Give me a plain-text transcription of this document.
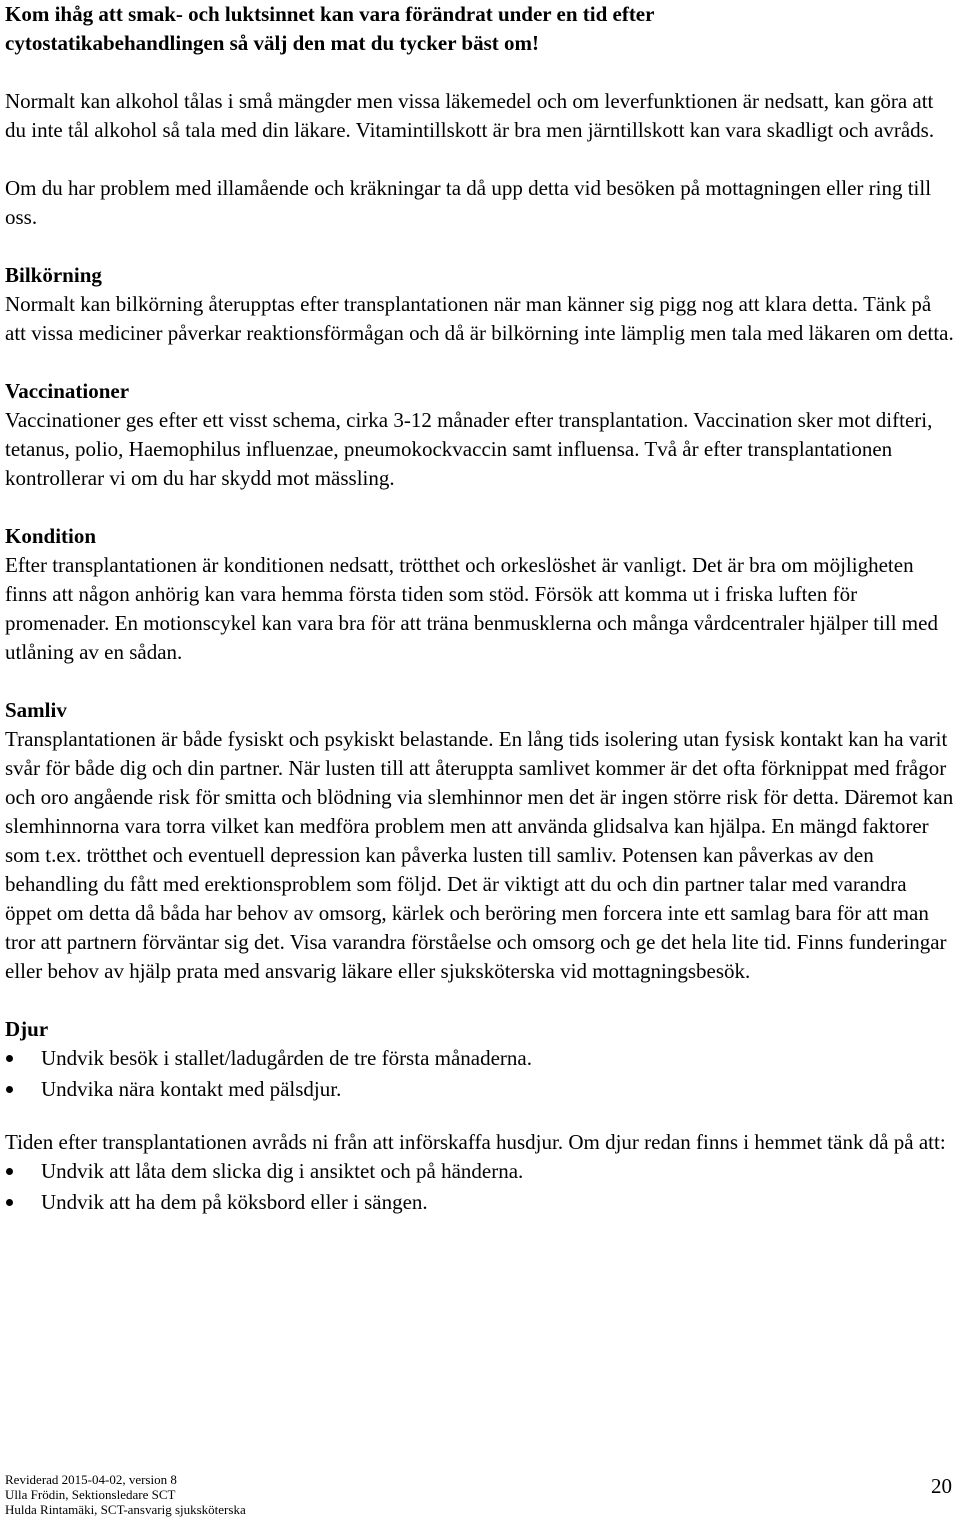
Kom ihåg att smak- och luktsinnet kan vara förändrat under en tid efter
cytostatikabehandlingen så välj den mat du tycker bäst om!

Normalt kan alkohol tålas i små mängder men vissa läkemedel och om leverfunktionen är nedsatt, kan göra att du inte tål alkohol så tala med din läkare. Vitamintillskott är bra men järntillskott kan vara skadligt och avråds.

Om du har problem med illamående och kräkningar ta då upp detta vid besöken på mottagningen eller ring till oss.

Bilkörning

Normalt kan bilkörning återupptas efter transplantationen när man känner sig pigg nog att klara detta. Tänk på att vissa mediciner påverkar reaktionsförmågan och då är bilkörning inte lämplig men tala med läkaren om detta.

Vaccinationer

Vaccinationer ges efter ett visst schema, cirka 3-12 månader efter transplantation. Vaccination sker mot difteri, tetanus, polio, Haemophilus influenzae, pneumokockvaccin samt influensa. Två år efter transplantationen kontrollerar vi om du har skydd mot mässling.

Kondition

Efter transplantationen är konditionen nedsatt, trötthet och orkeslöshet är vanligt. Det är bra om möjligheten finns att någon anhörig kan vara hemma första tiden som stöd. Försök att komma ut i friska luften för promenader. En motionscykel kan vara bra för att träna benmusklerna och många vårdcentraler hjälper till med utlåning av en sådan.

Samliv

Transplantationen är både fysiskt och psykiskt belastande. En lång tids isolering utan fysisk kontakt kan ha varit svår för både dig och din partner. När lusten till att återuppta samlivet kommer är det ofta förknippat med frågor och oro angående risk för smitta och blödning via slemhinnor men det är ingen större risk för detta. Däremot kan slemhinnorna vara torra vilket kan medföra problem men att använda glidsalva kan hjälpa. En mängd faktorer som t.ex. trötthet och eventuell depression kan påverka lusten till samliv. Potensen kan påverkas av den behandling du fått med erektionsproblem som följd. Det är viktigt att du och din partner talar med varandra öppet om detta då båda har behov av omsorg, kärlek och beröring men forcera inte ett samlag bara för att man tror att partnern förväntar sig det. Visa varandra förståelse och omsorg och ge det hela lite tid. Finns funderingar eller behov av hjälp prata med ansvarig läkare eller sjuksköterska vid mottagningsbesök.

Djur

Undvik besök i stallet/ladugården de tre första månaderna.
Undvika nära kontakt med pälsdjur.

Tiden efter transplantationen avråds ni från att införskaffa husdjur. Om djur redan finns i hemmet tänk då på att:

Undvik att låta dem slicka dig i ansiktet och på händerna.
Undvik att ha dem på köksbord eller i sängen.
Reviderad 2015-04-02, version 8
Ulla Frödin, Sektionsledare SCT
Hulda Rintamäki, SCT-ansvarig sjuksköterska
20
